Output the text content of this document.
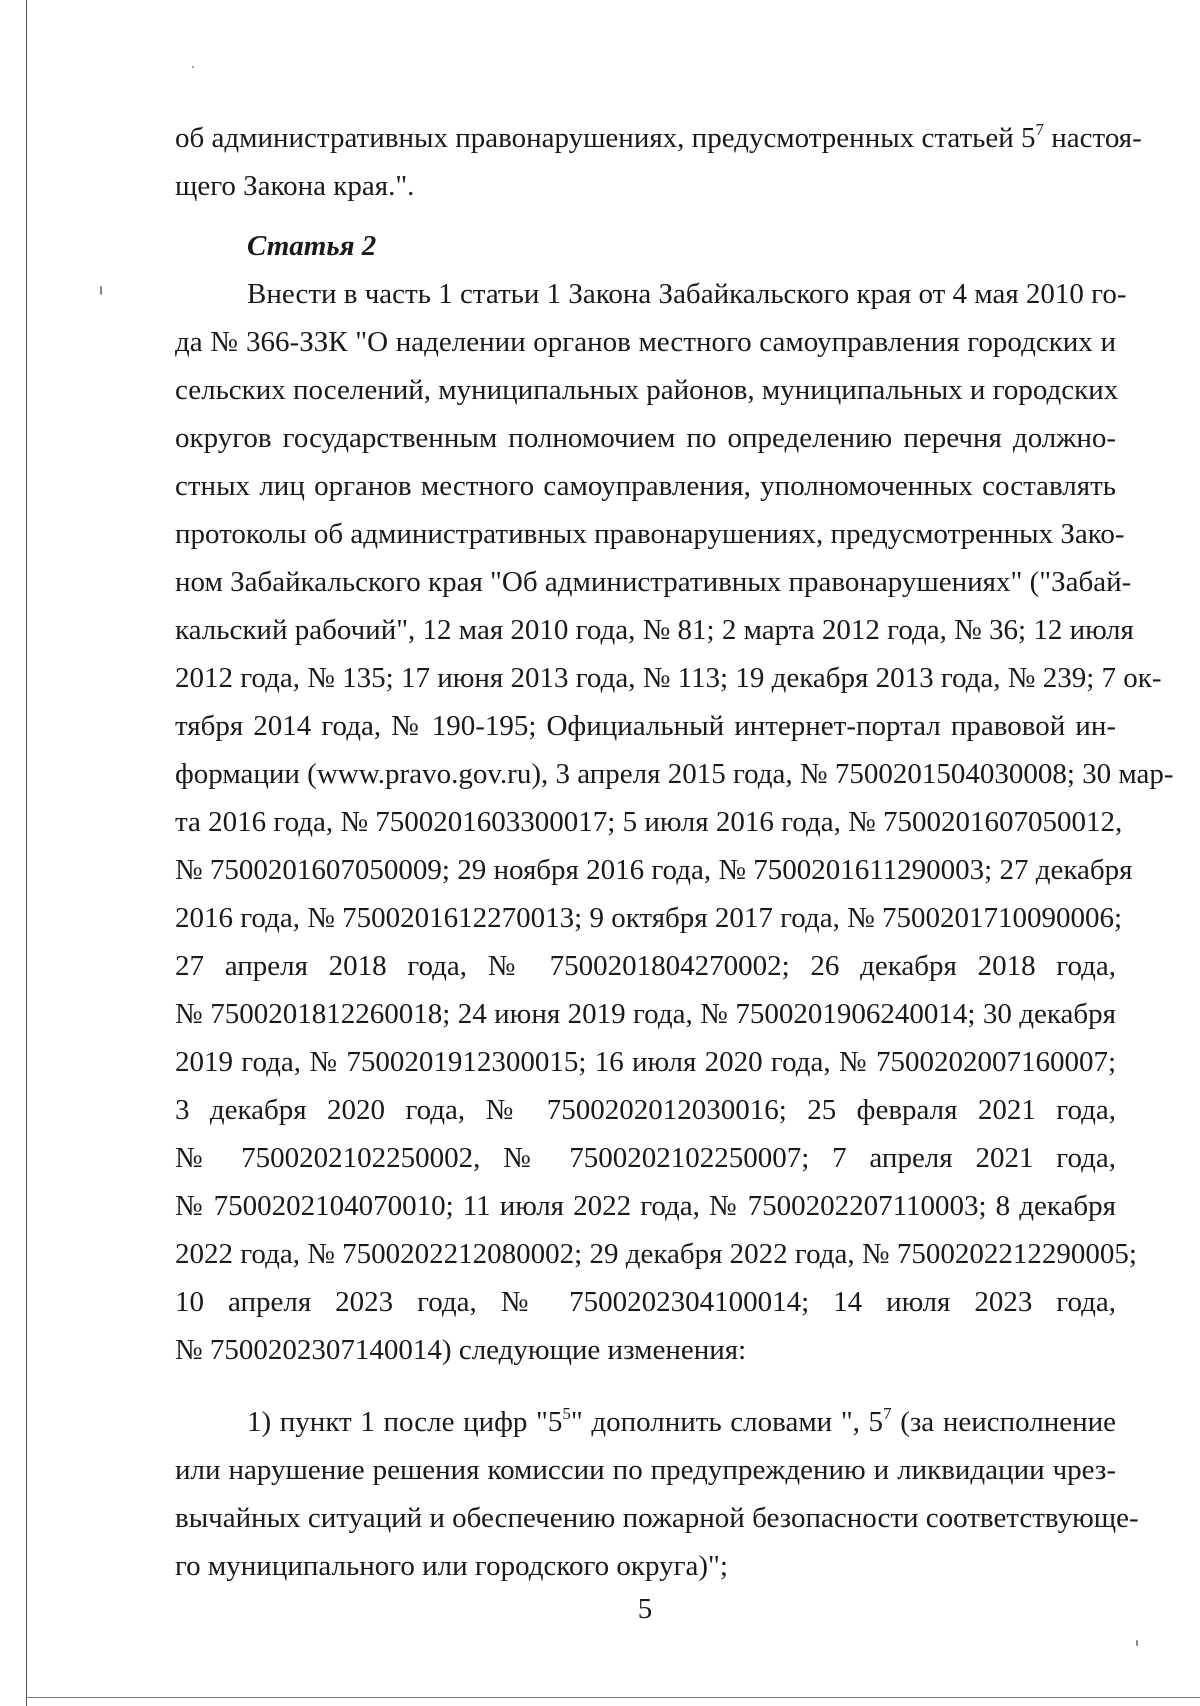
об административных правонарушениях, предусмотренных статьей $5^7$ настоя-
щего Закона края.".
Статья 2
Внести в часть 1 статьи 1 Закона Забайкальского края от 4 мая 2010 го-
да № 366-ЗЗК "О наделении органов местного самоуправления городских и
сельских поселений, муниципальных районов, муниципальных и городских
округов государственным полномочием по определению перечня должно-
стных лиц органов местного самоуправления, уполномоченных составлять
протоколы об административных правонарушениях, предусмотренных Зако-
ном Забайкальского края "Об административных правонарушениях" ("Забай-
кальский рабочий", 12 мая 2010 года, № 81; 2 марта 2012 года, № 36; 12 июля
2012 года, № 135; 17 июня 2013 года, № 113; 19 декабря 2013 года, № 239; 7 ок-
тября 2014 года, № 190-195; Официальный интернет-портал правовой ин-
формации (www.pravo.gov.ru), 3 апреля 2015 года, № 7500201504030008; 30 мар-
та 2016 года, № 7500201603300017; 5 июля 2016 года, № 7500201607050012,
№ 7500201607050009; 29 ноября 2016 года, № 7500201611290003; 27 декабря
2016 года, № 7500201612270013; 9 октября 2017 года, № 7500201710090006;
27 апреля 2018 года, № 7500201804270002; 26 декабря 2018 года,
№ 7500201812260018; 24 июня 2019 года, № 7500201906240014; 30 декабря
2019 года, № 7500201912300015; 16 июля 2020 года, № 7500202007160007;
3 декабря 2020 года, № 7500202012030016; 25 февраля 2021 года,
№ 7500202102250002, № 7500202102250007; 7 апреля 2021 года,
№ 7500202104070010; 11 июля 2022 года, № 7500202207110003; 8 декабря
2022 года, № 7500202212080002; 29 декабря 2022 года, № 7500202212290005;
10 апреля 2023 года, № 7500202304100014; 14 июля 2023 года,
№ 7500202307140014) следующие изменения:
1) пункт 1 после цифр "$5^5$" дополнить словами ", $5^7$ (за неисполнение
или нарушение решения комиссии по предупреждению и ликвидации чрез-
вычайных ситуаций и обеспечению пожарной безопасности соответствующе-
го муниципального или городского округа)";
5
